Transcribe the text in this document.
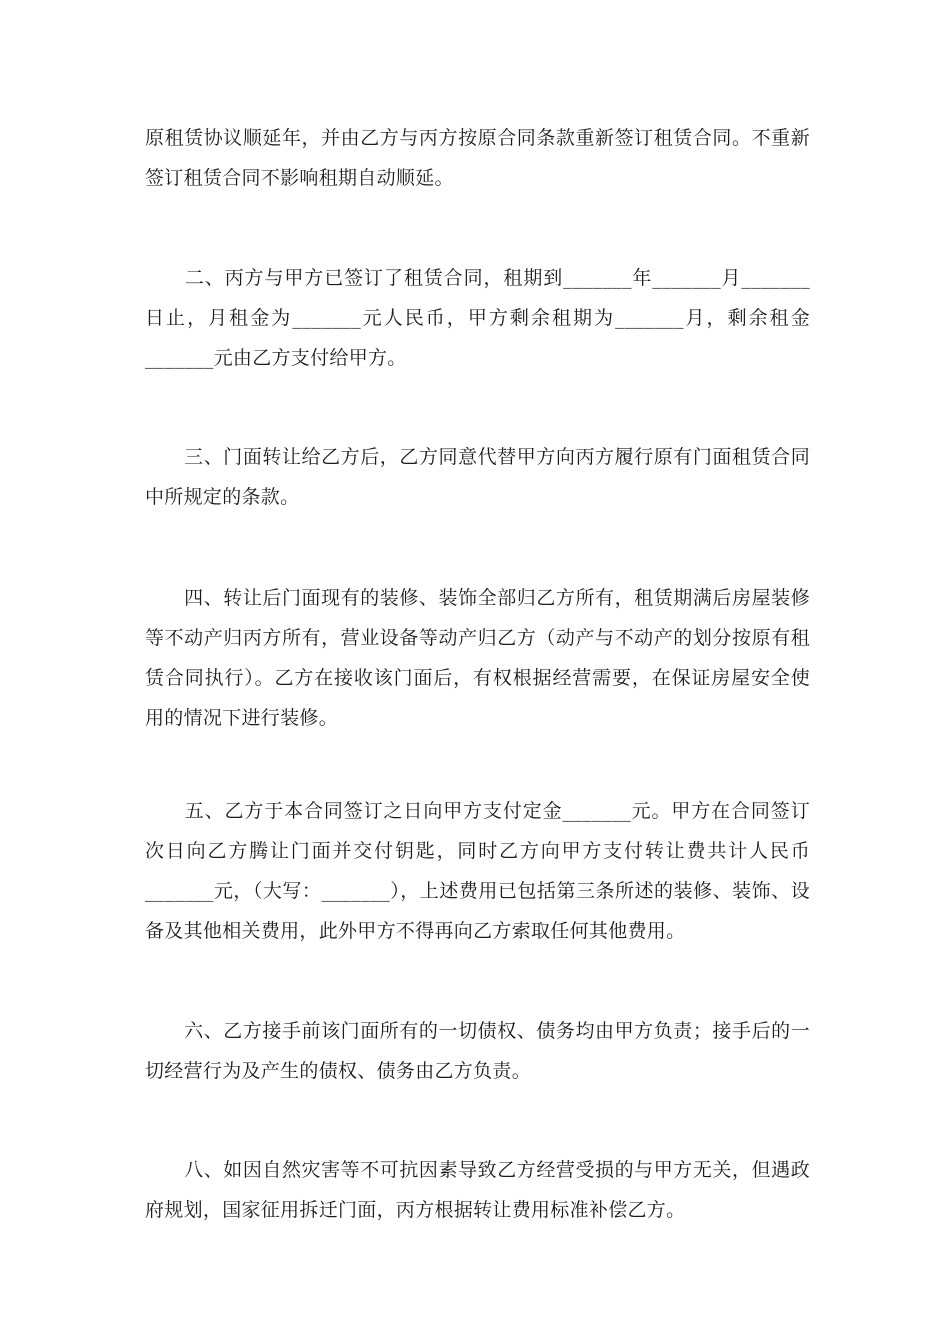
原租赁协议顺延年，并由乙方与丙方按原合同条款重新签订租赁合同。不重新签订租赁合同不影响租期自动顺延。

　　二、丙方与甲方已签订了租赁合同，租期到_______年_______月_______日止，月租金为_______元人民币，甲方剩余租期为_______月，剩余租金_______元由乙方支付给甲方。

　　三、门面转让给乙方后，乙方同意代替甲方向丙方履行原有门面租赁合同中所规定的条款。

　　四、转让后门面现有的装修、装饰全部归乙方所有，租赁期满后房屋装修等不动产归丙方所有，营业设备等动产归乙方（动产与不动产的划分按原有租赁合同执行）。乙方在接收该门面后，有权根据经营需要，在保证房屋安全使用的情况下进行装修。

　　五、乙方于本合同签订之日向甲方支付定金_______元。甲方在合同签订次日向乙方腾让门面并交付钥匙，同时乙方向甲方支付转让费共计人民币_______元，（大写：_______），上述费用已包括第三条所述的装修、装饰、设备及其他相关费用，此外甲方不得再向乙方索取任何其他费用。

　　六、乙方接手前该门面所有的一切债权、债务均由甲方负责；接手后的一切经营行为及产生的债权、债务由乙方负责。

　　八、如因自然灾害等不可抗因素导致乙方经营受损的与甲方无关，但遇政府规划，国家征用拆迁门面，丙方根据转让费用标准补偿乙方。
